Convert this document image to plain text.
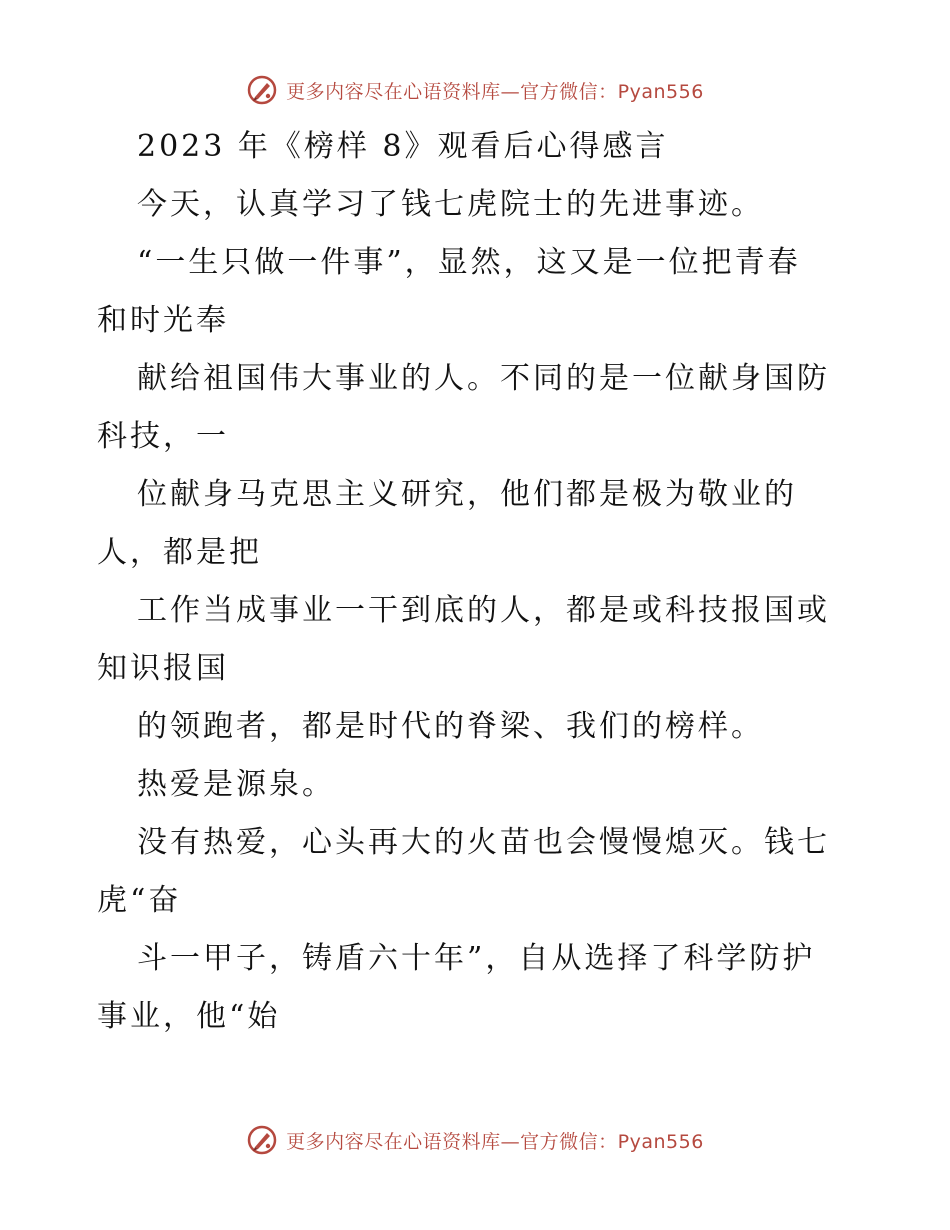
更多内容尽在心语资料库—官方微信：Pyan556
2023 年《榜样 8》观看后心得感言
今天，认真学习了钱七虎院士的先进事迹。
“一生只做一件事”，显然，这又是一位把青春
和时光奉
献给祖国伟大事业的人。不同的是一位献身国防
科技，一
位献身马克思主义研究，他们都是极为敬业的
人，都是把
工作当成事业一干到底的人，都是或科技报国或
知识报国
的领跑者，都是时代的脊梁、我们的榜样。
热爱是源泉。
没有热爱，心头再大的火苗也会慢慢熄灭。钱七
虎“奋
斗一甲子，铸盾六十年”，自从选择了科学防护
事业，他“始
更多内容尽在心语资料库—官方微信：Pyan556
